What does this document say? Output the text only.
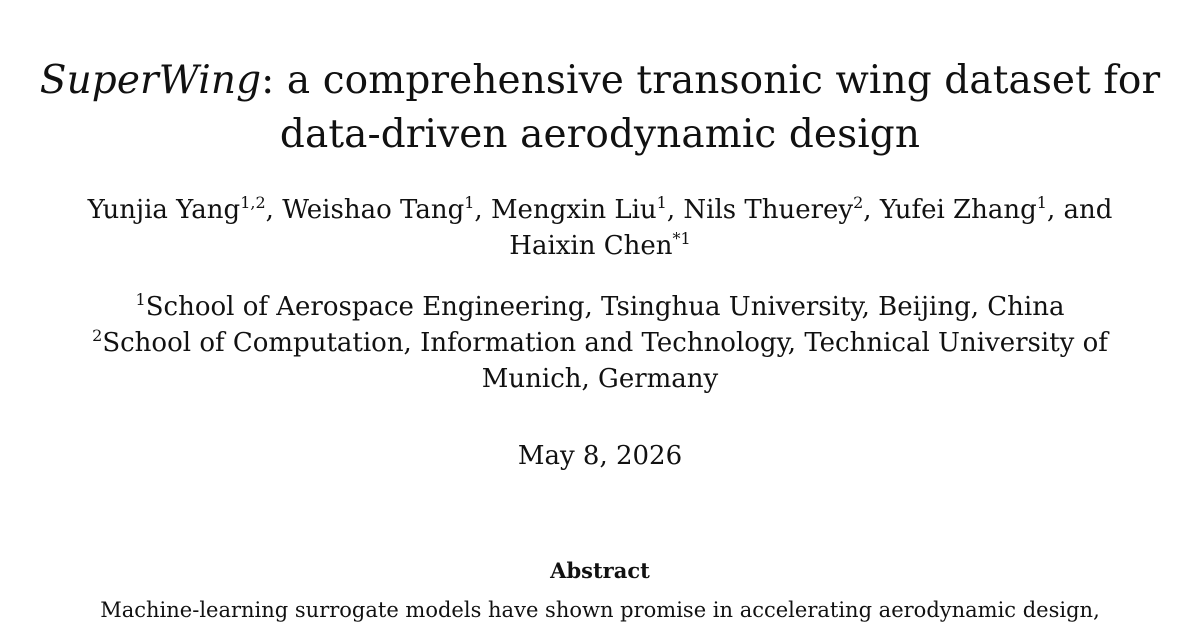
SuperWing: a comprehensive transonic wing dataset for
data-driven aerodynamic design
Yunjia Yang$^{1,2}$, Weishao Tang$^1$, Mengxin Liu$^1$, Nils Thuerey$^2$, Yufei Zhang$^1$, and
Haixin Chen$^{*1}$
$^1$School of Aerospace Engineering, Tsinghua University, Beijing, China
$^2$School of Computation, Information and Technology, Technical University of
Munich, Germany
May 8, 2026
Abstract
Machine-learning surrogate models have shown promise in accelerating aerodynamic design,
